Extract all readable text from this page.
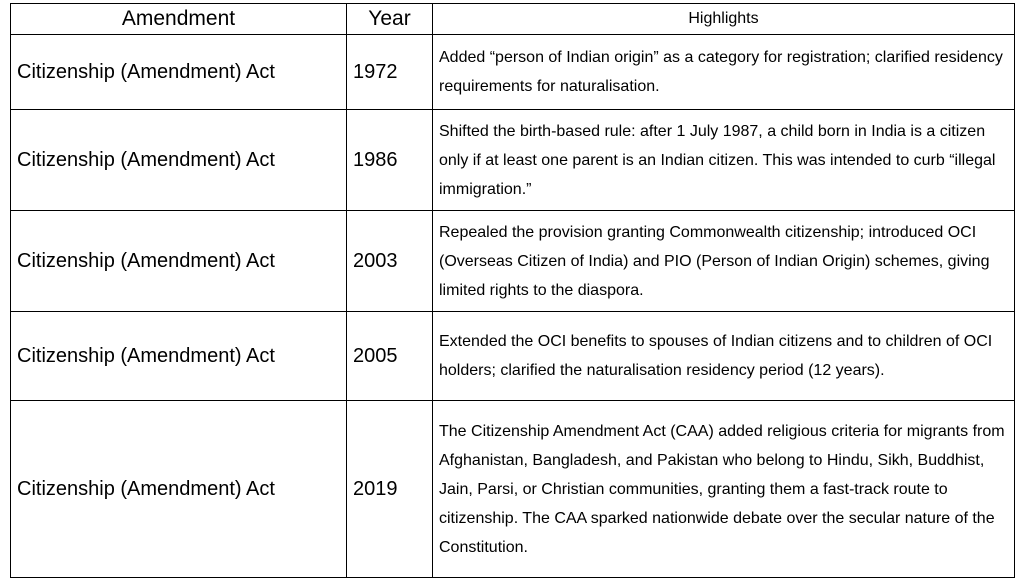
Amendment	Year	Highlights
Citizenship (Amendment) Act	1972	Added “person of Indian origin” as a category for registration; clarified residency requirements for naturalisation.
Citizenship (Amendment) Act	1986	Shifted the birth-based rule: after 1 July 1987, a child born in India is a citizen only if at least one parent is an Indian citizen. This was intended to curb “illegal immigration.”
Citizenship (Amendment) Act	2003	Repealed the provision granting Commonwealth citizenship; introduced OCI (Overseas Citizen of India) and PIO (Person of Indian Origin) schemes, giving limited rights to the diaspora.
Citizenship (Amendment) Act	2005	Extended the OCI benefits to spouses of Indian citizens and to children of OCI holders; clarified the naturalisation residency period (12 years).
Citizenship (Amendment) Act	2019	The Citizenship Amendment Act (CAA) added religious criteria for migrants from Afghanistan, Bangladesh, and Pakistan who belong to Hindu, Sikh, Buddhist, Jain, Parsi, or Christian communities, granting them a fast-track route to citizenship. The CAA sparked nationwide debate over the secular nature of the Constitution.
